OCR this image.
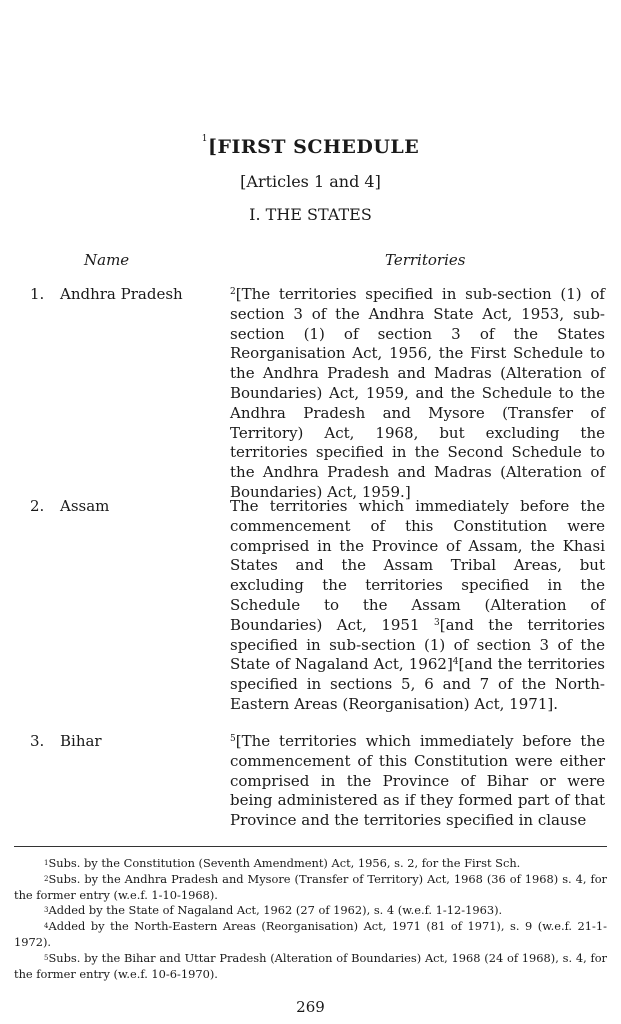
$^1$[FIRST SCHEDULE
[Articles 1 and 4]
I. THE STATES
Name	Territories
1. Andhra Pradesh	$^2$[The territories specified in sub-section (1) of section 3 of the Andhra State Act, 1953, sub-section (1) of section 3 of the States Reorganisation Act, 1956, the First Schedule to the Andhra Pradesh and Madras (Alteration of Boundaries) Act, 1959, and the Schedule to the Andhra Pradesh and Mysore (Transfer of Territory) Act, 1968, but excluding the territories specified in the Second Schedule to the Andhra Pradesh and Madras (Alteration of Boundaries) Act, 1959.]
2. Assam	The territories which immediately before the commencement of this Constitution were comprised in the Province of Assam, the Khasi States and the Assam Tribal Areas, but excluding the territories specified in the Schedule to the Assam (Alteration of Boundaries) Act, 1951 $^3$[and the territories specified in sub-section (1) of section 3 of the State of Nagaland Act, 1962]$^4$[and the territories specified in sections 5, 6 and 7 of the North-Eastern Areas (Reorganisation) Act, 1971].
3. Bihar	$^5$[The territories which immediately before the commencement of this Constitution were either comprised in the Province of Bihar or were being administered as if they formed part of that Province and the territories specified in clause

$^1$Subs. by the Constitution (Seventh Amendment) Act, 1956, s. 2, for the First Sch.

$^2$Subs. by the Andhra Pradesh and Mysore (Transfer of Territory) Act, 1968 (36 of 1968) s. 4, for the former entry (w.e.f. 1-10-1968).

$^3$Added by the State of Nagaland Act, 1962 (27 of 1962), s. 4 (w.e.f. 1-12-1963).

$^4$Added by the North-Eastern Areas (Reorganisation) Act, 1971 (81 of 1971), s. 9 (w.e.f. 21-1-1972).

$^5$Subs. by the Bihar and Uttar Pradesh (Alteration of Boundaries) Act, 1968 (24 of 1968), s. 4, for the former entry (w.e.f. 10-6-1970).

269
